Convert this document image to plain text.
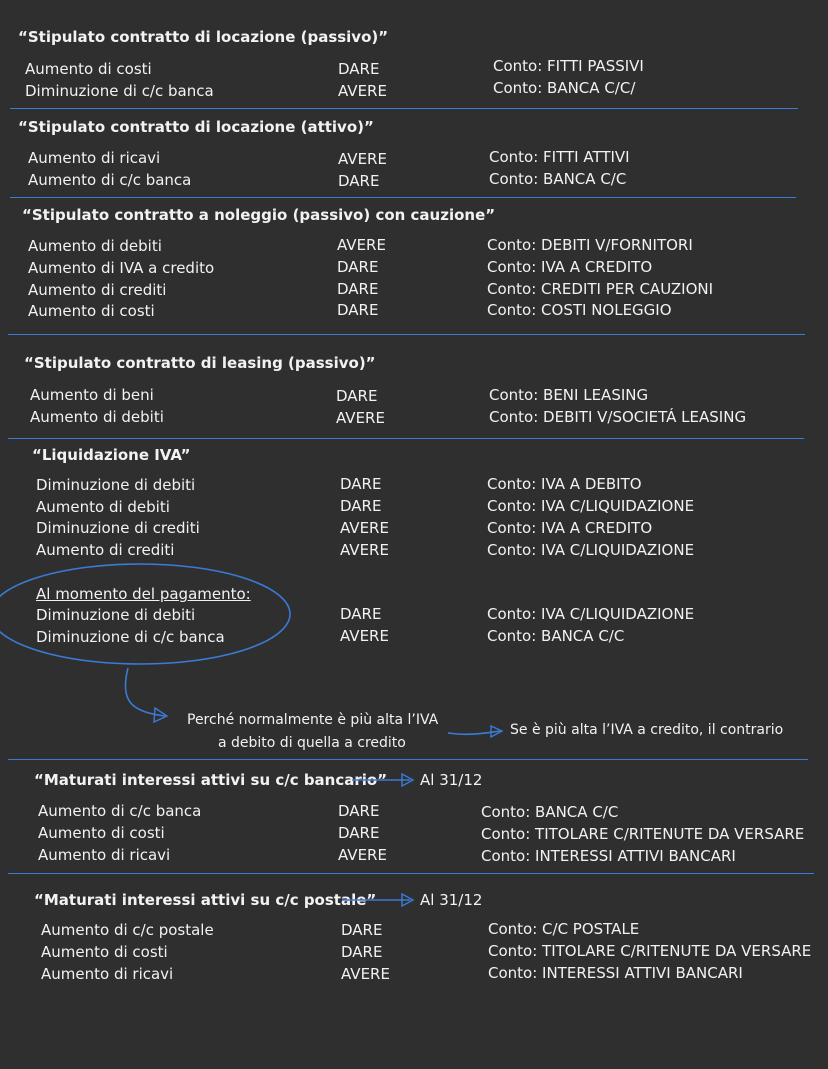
“Stipulato contratto di locazione (passivo)”
Aumento di costi	DARE	Conto: FITTI PASSIVI
Diminuzione di c/c banca	AVERE	Conto: BANCA C/C/
“Stipulato contratto di locazione (attivo)”
Aumento di ricavi	AVERE	Conto: FITTI ATTIVI
Aumento di c/c banca	DARE	Conto: BANCA C/C
“Stipulato contratto a noleggio (passivo) con cauzione”
Aumento di debiti	AVERE	Conto: DEBITI V/FORNITORI
Aumento di IVA a credito	DARE	Conto: IVA A CREDITO
Aumento di crediti	DARE	Conto: CREDITI PER CAUZIONI
Aumento di costi	DARE	Conto: COSTI NOLEGGIO
“Stipulato contratto di leasing (passivo)”
Aumento di beni	DARE	Conto: BENI LEASING
Aumento di debiti	AVERE	Conto: DEBITI V/SOCIETÁ LEASING
“Liquidazione IVA”
Diminuzione di debiti	DARE	Conto: IVA A DEBITO
Aumento di debiti	DARE	Conto: IVA C/LIQUIDAZIONE
Diminuzione di crediti	AVERE	Conto: IVA A CREDITO
Aumento di crediti	AVERE	Conto: IVA C/LIQUIDAZIONE
Al momento del pagamento:
Diminuzione di debiti	DARE	Conto: IVA C/LIQUIDAZIONE
Diminuzione di c/c banca	AVERE	Conto: BANCA C/C
Perché normalmente è più alta l’IVA
a debito di quella a credito
Se è più alta l’IVA a credito, il contrario
“Maturati interessi attivi su c/c bancario” Al 31/12
Aumento di c/c banca	DARE	Conto: BANCA C/C
Aumento di costi	DARE	Conto: TITOLARE C/RITENUTE DA VERSARE
Aumento di ricavi	AVERE	Conto: INTERESSI ATTIVI BANCARI
“Maturati interessi attivi su c/c postale”	Al 31/12
Aumento di c/c postale	DARE	Conto: C/C POSTALE
Aumento di costi	DARE	Conto: TITOLARE C/RITENUTE DA VERSARE
Aumento di ricavi	AVERE	Conto: INTERESSI ATTIVI BANCARI
